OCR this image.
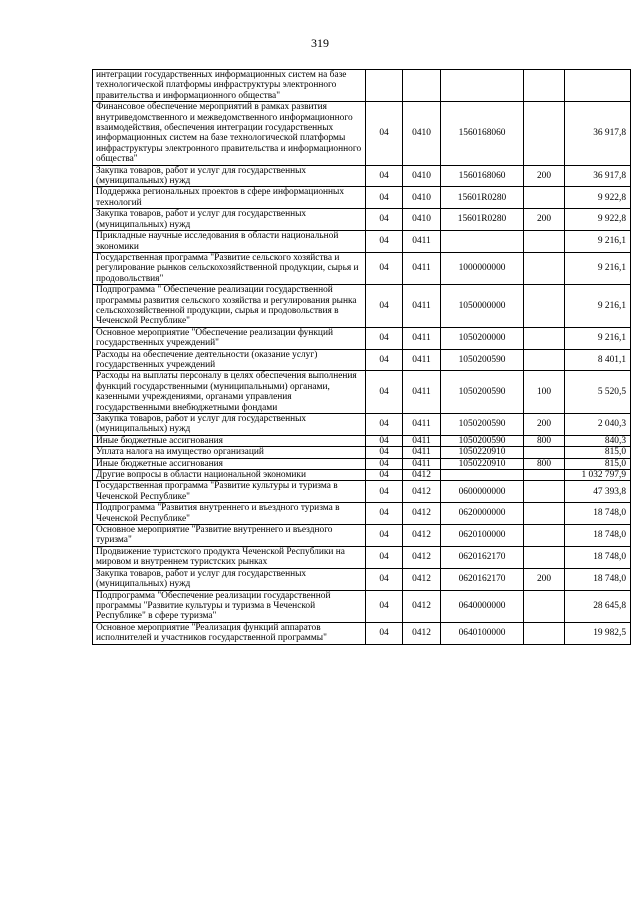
319
интеграции государственных информационных систем на базе технологической платформы инфраструктуры электронного правительства и информационного общества"					
Финансовое обеспечение мероприятий в рамках развития внутриведомственного и межведомственного информационного взаимодействия, обеспечения интеграции государственных информационных систем на базе технологической платформы инфраструктуры электронного правительства и информационного общества"	04	0410	1560168060		36 917,8
Закупка товаров, работ и услуг для государственных (муниципальных) нужд	04	0410	1560168060	200	36 917,8
Поддержка региональных проектов в сфере информационных технологий	04	0410	15601R0280		9 922,8
Закупка товаров, работ и услуг для государственных (муниципальных) нужд	04	0410	15601R0280	200	9 922,8
Прикладные научные исследования в области национальной экономики	04	0411			9 216,1
Государственная программа "Развитие сельского хозяйства и регулирование рынков сельскохозяйственной продукции, сырья и продовольствия"	04	0411	1000000000		9 216,1
Подпрограмма " Обеспечение реализации государственной программы развития сельского хозяйства и регулирования рынка сельскохозяйственной продукции, сырья и продовольствия в Чеченской Республике"	04	0411	1050000000		9 216,1
Основное мероприятие "Обеспечение реализации функций государственных учреждений"	04	0411	1050200000		9 216,1
Расходы на обеспечение деятельности (оказание услуг) государственных учреждений	04	0411	1050200590		8 401,1
Расходы на выплаты персоналу в целях обеспечения выполнения функций государственными (муниципальными) органами, казенными учреждениями, органами управления государственными внебюджетными фондами	04	0411	1050200590	100	5 520,5
Закупка товаров, работ и услуг для государственных (муниципальных) нужд	04	0411	1050200590	200	2 040,3
Иные бюджетные ассигнования	04	0411	1050200590	800	840,3
Уплата налога на имущество организаций	04	0411	1050220910		815,0
Иные бюджетные ассигнования	04	0411	1050220910	800	815,0
Другие вопросы в области национальной экономики	04	0412			1 032 797,9
Государственная программа "Развитие культуры и туризма в Чеченской Республике"	04	0412	0600000000		47 393,8
Подпрограмма "Развития внутреннего и въездного туризма в Чеченской Республике"	04	0412	0620000000		18 748,0
Основное мероприятие "Развитие внутреннего и въездного туризма"	04	0412	0620100000		18 748,0
Продвижение туристского продукта Чеченской Республики на мировом и внутреннем туристских рынках	04	0412	0620162170		18 748,0
Закупка товаров, работ и услуг для государственных (муниципальных) нужд	04	0412	0620162170	200	18 748,0
Подпрограмма "Обеспечение реализации государственной программы "Развитие культуры и туризма в Чеченской Республике" в сфере туризма"	04	0412	0640000000		28 645,8
Основное мероприятие "Реализация функций аппаратов исполнителей и участников государственной программы"	04	0412	0640100000		19 982,5
